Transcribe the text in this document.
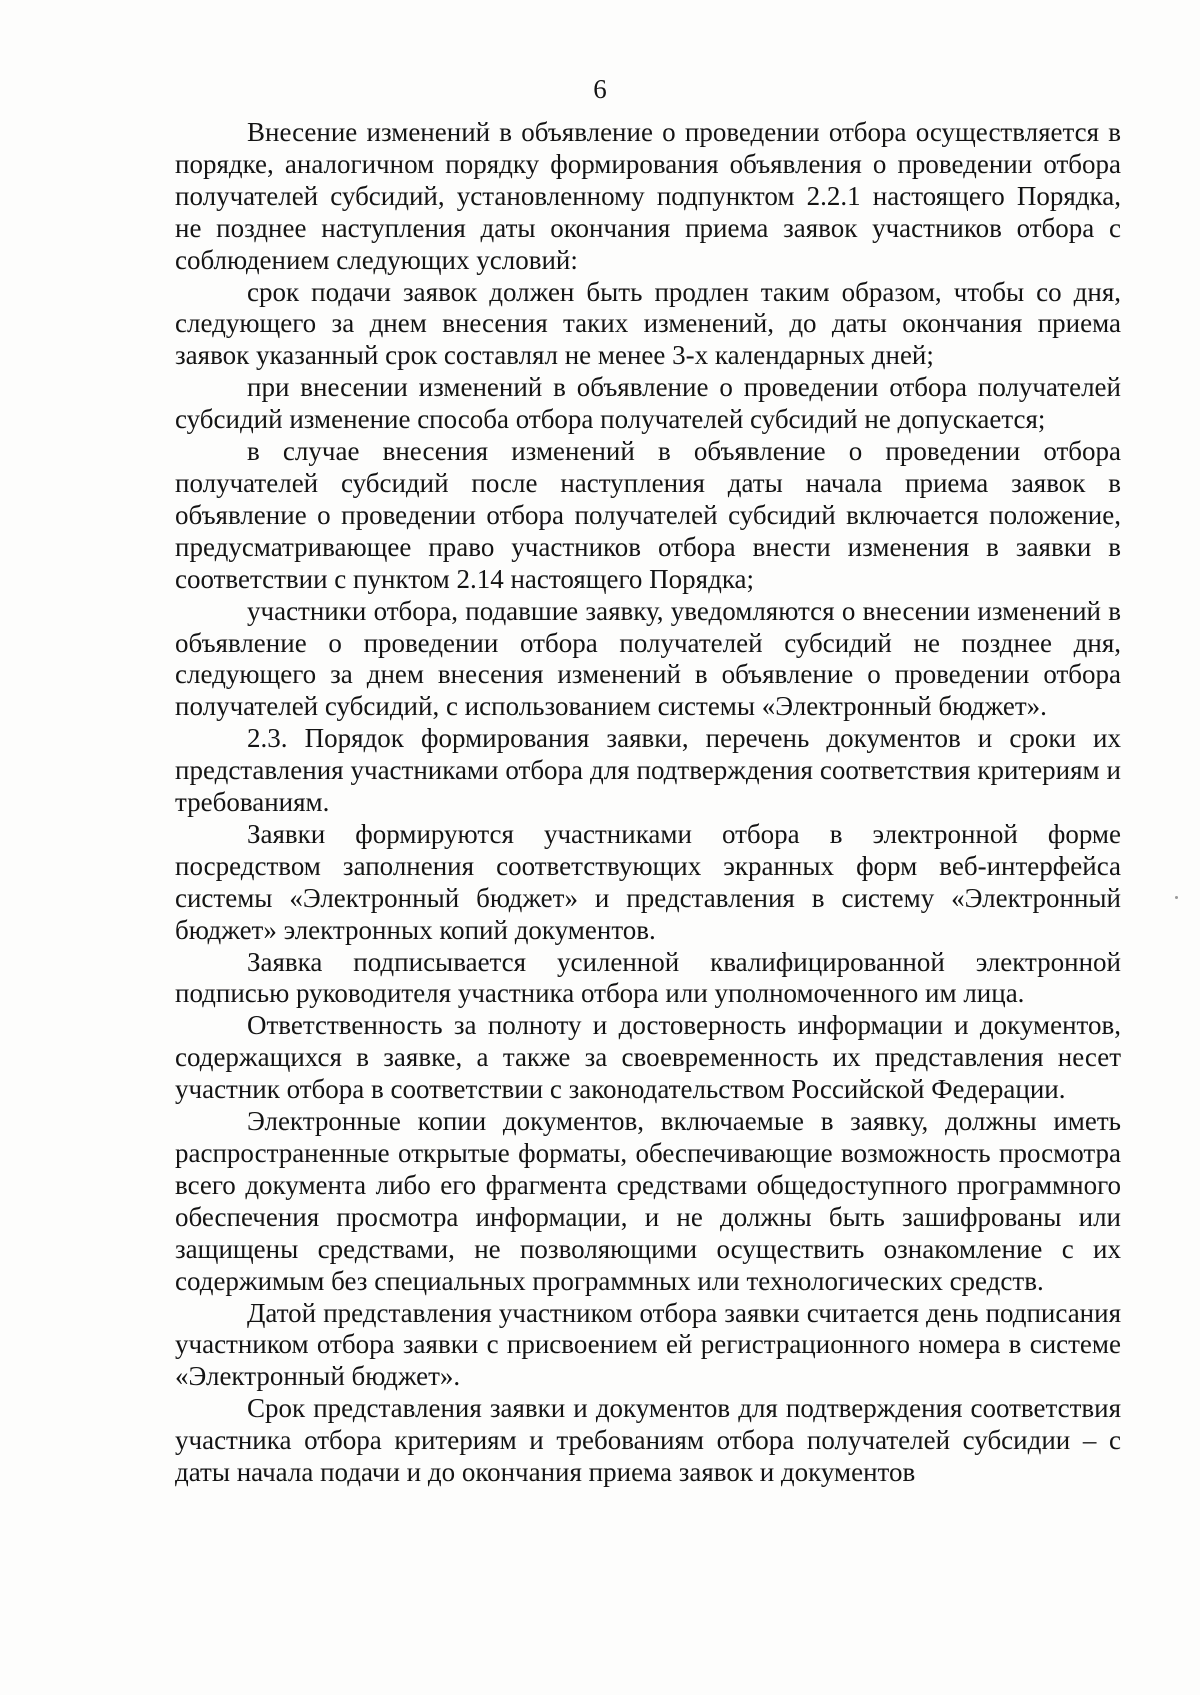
6

Внесение изменений в объявление о проведении отбора осуществляется в порядке, аналогичном порядку формирования объявления о проведении отбора получателей субсидий, установленному подпунктом 2.2.1 настоящего Порядка, не позднее наступления даты окончания приема заявок участников отбора с соблюдением следующих условий:

срок подачи заявок должен быть продлен таким образом, чтобы со дня, следующего за днем внесения таких изменений, до даты окончания приема заявок указанный срок составлял не менее 3-х календарных дней;

при внесении изменений в объявление о проведении отбора получателей субсидий изменение способа отбора получателей субсидий не допускается;

в случае внесения изменений в объявление о проведении отбора получателей субсидий после наступления даты начала приема заявок в объявление о проведении отбора получателей субсидий включается положение, предусматривающее право участников отбора внести изменения в заявки в соответствии с пунктом 2.14 настоящего Порядка;

участники отбора, подавшие заявку, уведомляются о внесении изменений в объявление о проведении отбора получателей субсидий не позднее дня, следующего за днем внесения изменений в объявление о проведении отбора получателей субсидий, с использованием системы «Электронный бюджет».

2.3. Порядок формирования заявки, перечень документов и сроки их представления участниками отбора для подтверждения соответствия критериям и требованиям.

Заявки формируются участниками отбора в электронной форме посредством заполнения соответствующих экранных форм веб-интерфейса системы «Электронный бюджет» и представления в систему «Электронный бюджет» электронных копий документов.

Заявка подписывается усиленной квалифицированной электронной подписью руководителя участника отбора или уполномоченного им лица.

Ответственность за полноту и достоверность информации и документов, содержащихся в заявке, а также за своевременность их представления несет участник отбора в соответствии с законодательством Российской Федерации.

Электронные копии документов, включаемые в заявку, должны иметь распространенные открытые форматы, обеспечивающие возможность просмотра всего документа либо его фрагмента средствами общедоступного программного обеспечения просмотра информации, и не должны быть зашифрованы или защищены средствами, не позволяющими осуществить ознакомление с их содержимым без специальных программных или технологических средств.

Датой представления участником отбора заявки считается день подписания участником отбора заявки с присвоением ей регистрационного номера в системе «Электронный бюджет».

Срок представления заявки и документов для подтверждения соответствия участника отбора критериям и требованиям отбора получателей субсидии – с даты начала подачи и до окончания приема заявок и документов
